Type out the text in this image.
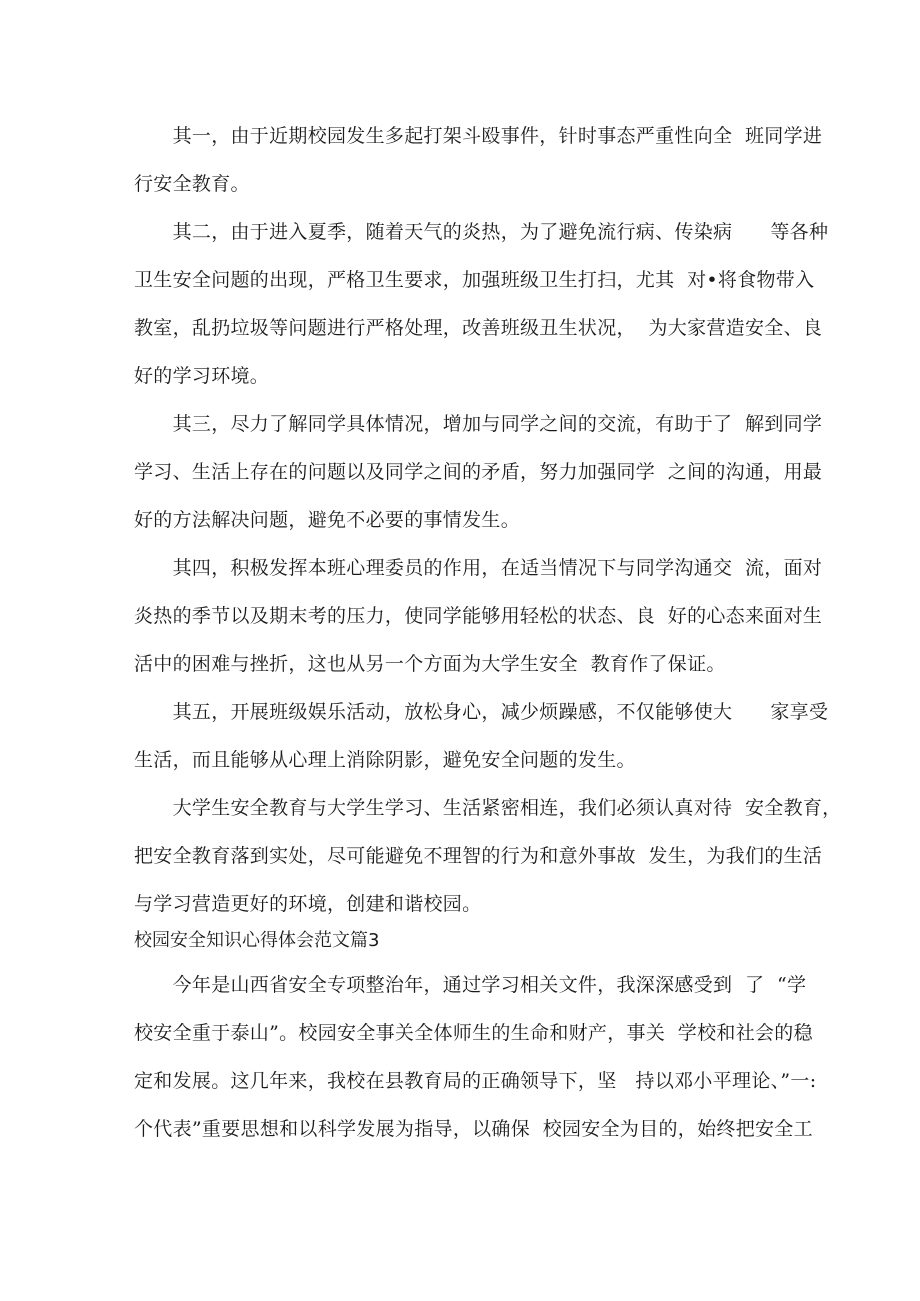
　　其一，由于近期校园发生多起打架斗殴事件，针时事态严重性向全  班同学进
行安全教育。
　　其二，由于进入夏季，随着天气的炎热，为了避免流行病、传染病      等各种
卫生安全问题的出现，严格卫生要求，加强班级卫生打扫，尤其  对•将食物带入
教室，乱扔垃圾等问题进行严格处理，改善班级丑生状况，  为大家营造安全、良
好的学习环境。
　　其三，尽力了解同学具体情况，增加与同学之间的交流，有助于了  解到同学
学习、生活上存在的问题以及同学之间的矛盾，努力加强同学  之间的沟通，用最
好的方法解决问题，避免不必要的事情发生。
　　其四，积极发挥本班心理委员的作用，在适当情况下与同学沟通交  流，面对
炎热的季节以及期末考的压力，使同学能够用轻松的状态、良  好的心态来面对生
活中的困难与挫折，这也从另一个方面为大学生安全  教育作了保证。
　　其五，开展班级娱乐活动，放松身心，减少烦躁感，不仅能够使大      家享受
生活，而且能够从心理上消除阴影，避免安全问题的发生。
　　大学生安全教育与大学生学习、生活紧密相连，我们必须认真对待  安全教育，
把安全教育落到实处，尽可能避免不理智的行为和意外事故  发生，为我们的生活
与学习营造更好的环境，创建和谐校园。
校园安全知识心得体会范文篇3
　　今年是山西省安全专项整治年，通过学习相关文件，我深深感受到  了  “学
校安全重于泰山”。校园安全事关全体师生的生命和财产，事关  学校和社会的稳
定和发展。这几年来，我校在县教育局的正确领导下，坚   持以邓小平理论、”一:
个代表”重要思想和以科学发展为指导，以确保  校园安全为目的，始终把安全工
